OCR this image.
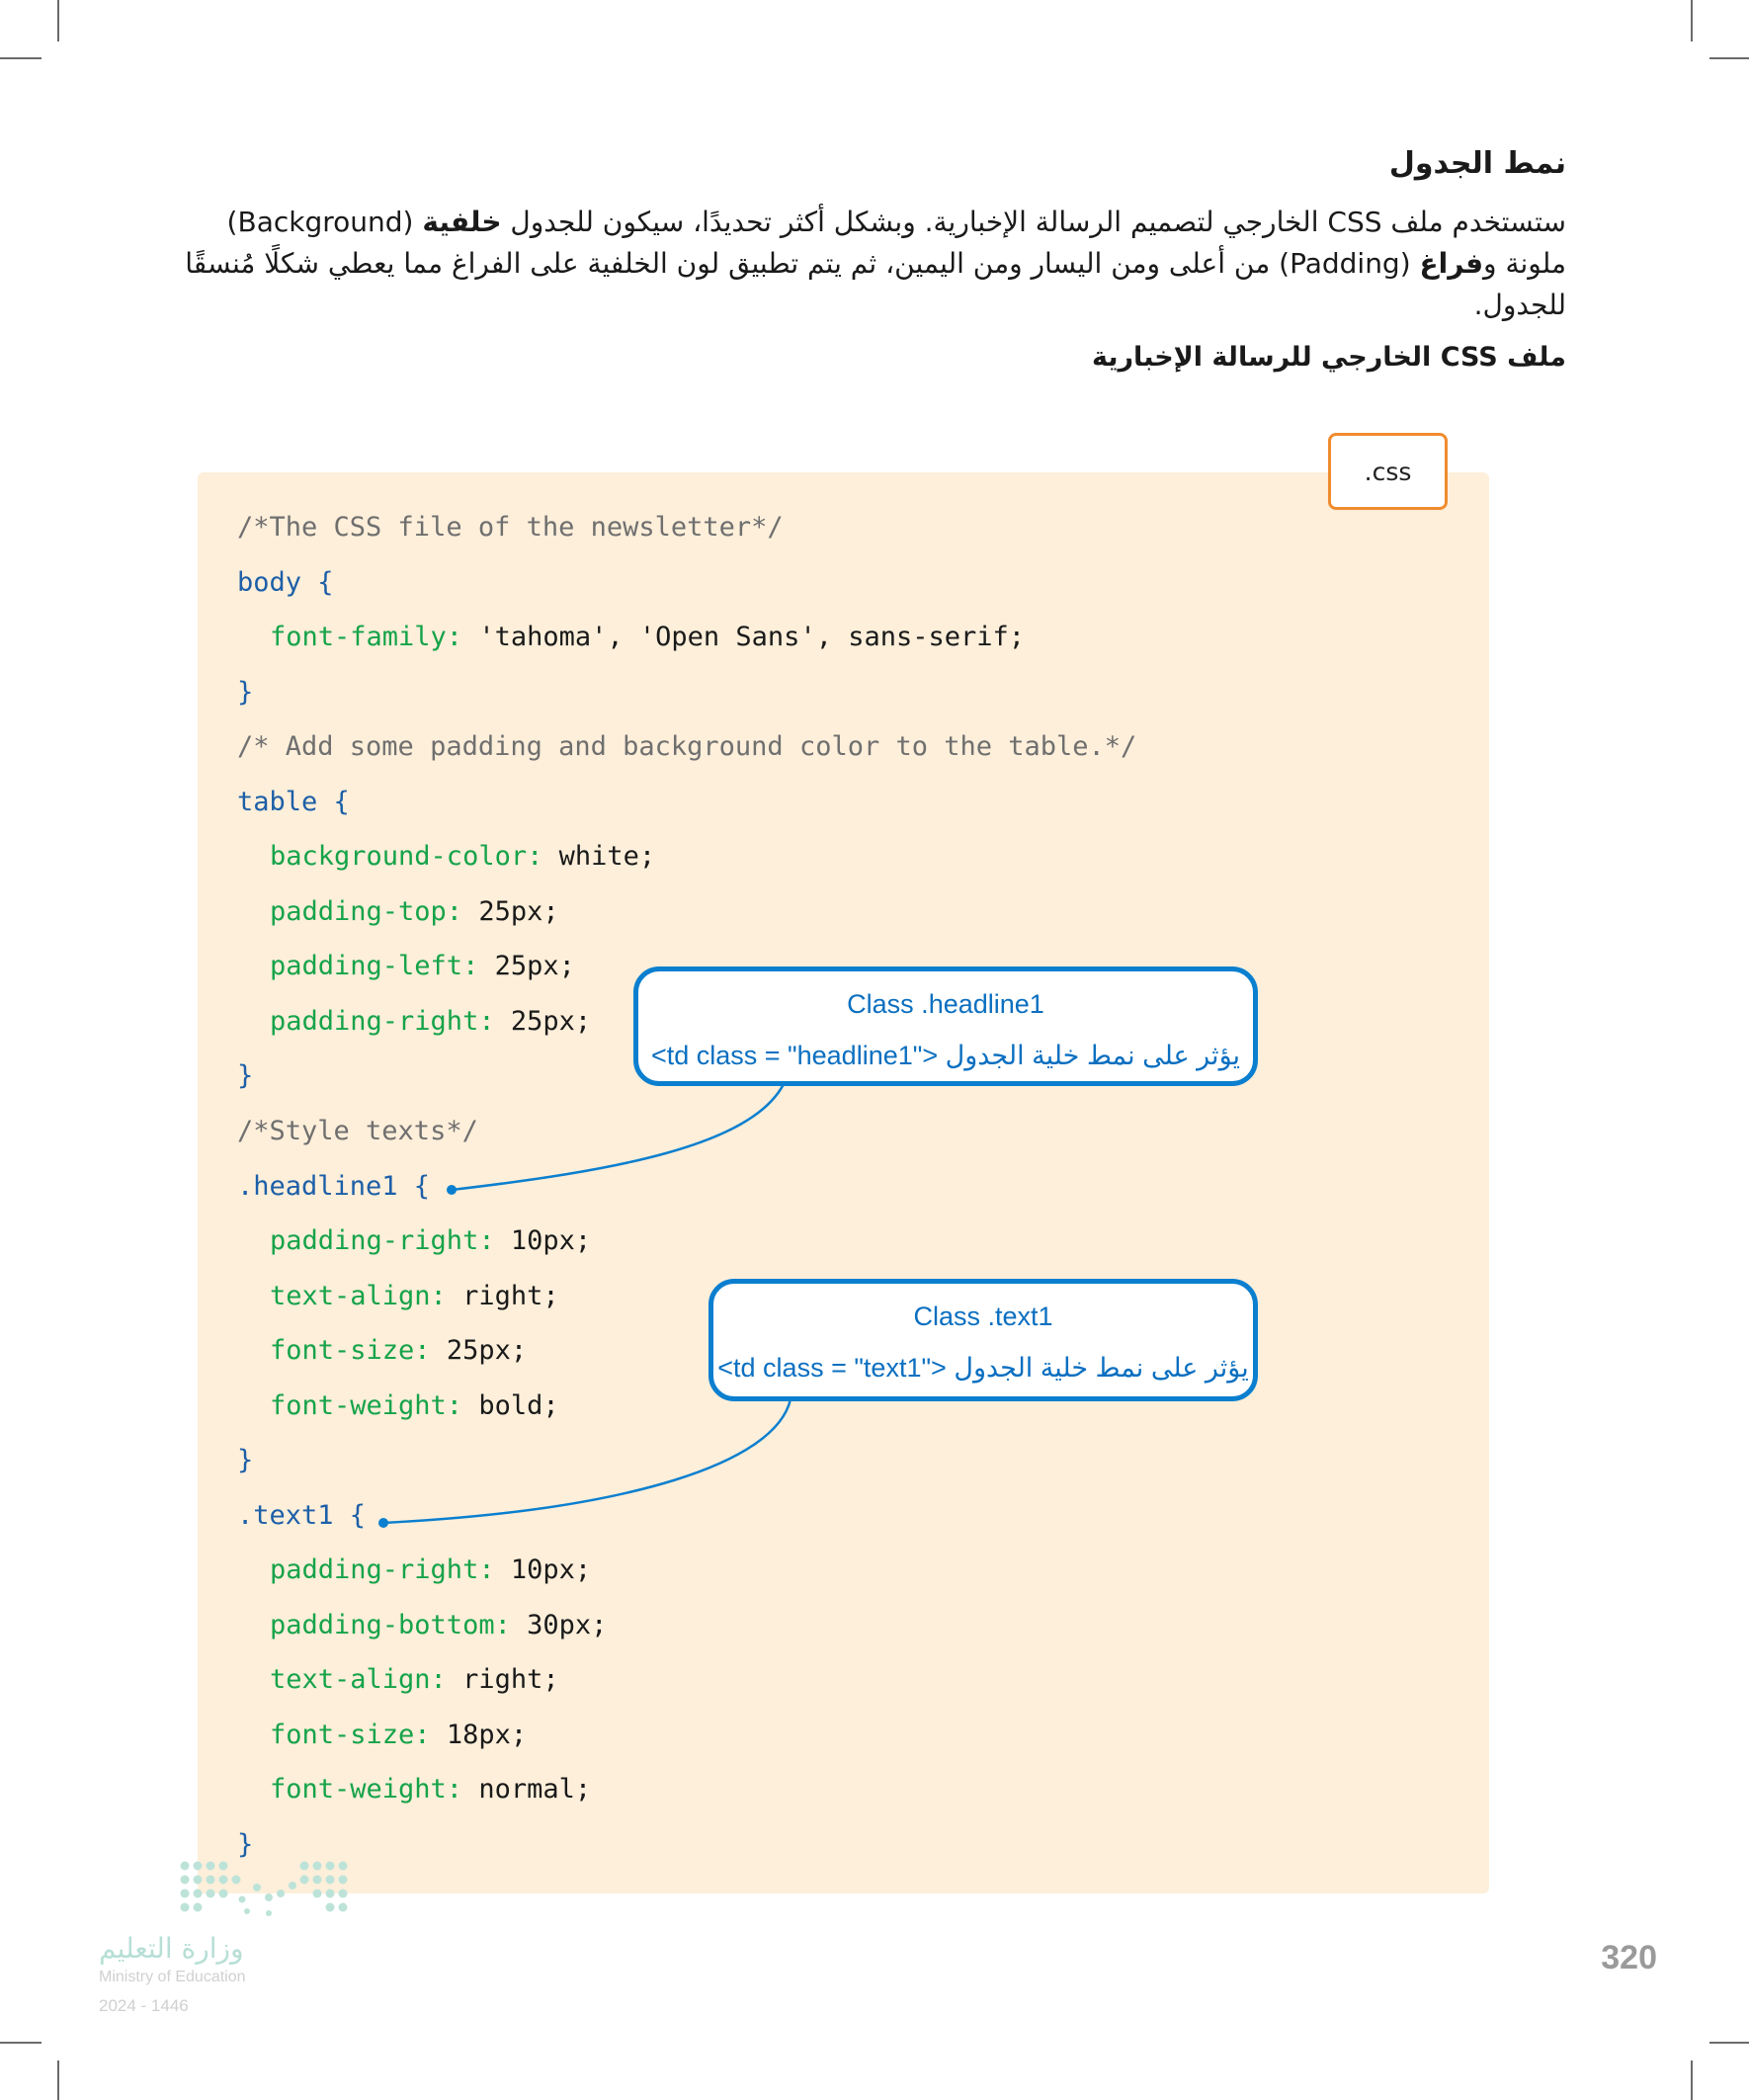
نمط الجدول
ستستخدم ملف CSS الخارجي لتصميم الرسالة الإخبارية. وبشكل أكثر تحديدًا، سيكون للجدول خلفية (Background) ملونة وفراغ (Padding) من أعلى ومن اليسار ومن اليمين، ثم يتم تطبيق لون الخلفية على الفراغ مما يعطي شكلًا مُنسقًا للجدول.
ملف CSS الخارجي للرسالة الإخبارية
.css
/*The CSS file of the newsletter*/
body {
font-family: 'tahoma', 'Open Sans', sans-serif;
}
/* Add some padding and background color to the table.*/
table {
background-color: white;
padding-top: 25px;
padding-left: 25px;
padding-right: 25px;
}
/*Style texts*/
.headline1 {
padding-right: 10px;
text-align: right;
font-size: 25px;
font-weight: bold;
}
.text1 {
padding-right: 10px;
padding-bottom: 30px;
text-align: right;
font-size: 18px;
font-weight: normal;
}
Class .headline1
يؤثر على نمط خلية الجدول <"td class = "headline1>
Class .text1
يؤثر على نمط خلية الجدول <"td class = "text1>
وزارة التعليم
Ministry of Education
2024 - 1446
320
